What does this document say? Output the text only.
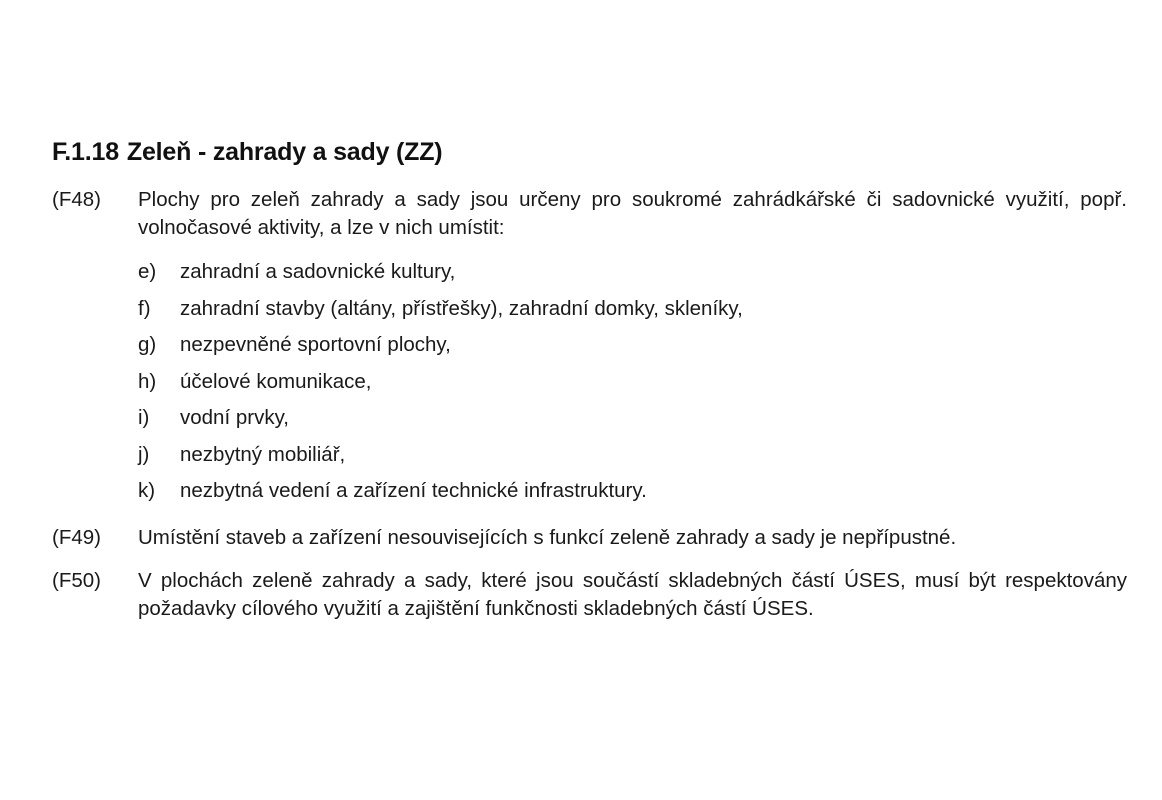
F.1.18 Zeleň - zahrady a sady (ZZ)
(F48) Plochy pro zeleň zahrady a sady jsou určeny pro soukromé zahrádkářské či sadovnické využití, popř. volnočasové aktivity, a lze v nich umístit:
e) zahradní a sadovnické kultury,
f) zahradní stavby (altány, přístřešky), zahradní domky, skleníky,
g) nezpevněné sportovní plochy,
h) účelové komunikace,
i) vodní prvky,
j) nezbytný mobiliář,
k) nezbytná vedení a zařízení technické infrastruktury.
(F49) Umístění staveb a zařízení nesouvisejících s funkcí zeleně zahrady a sady je nepřípustné.
(F50) V plochách zeleně zahrady a sady, které jsou součástí skladebných částí ÚSES, musí být respektovány požadavky cílového využití a zajištění funkčnosti skladebných částí ÚSES.
